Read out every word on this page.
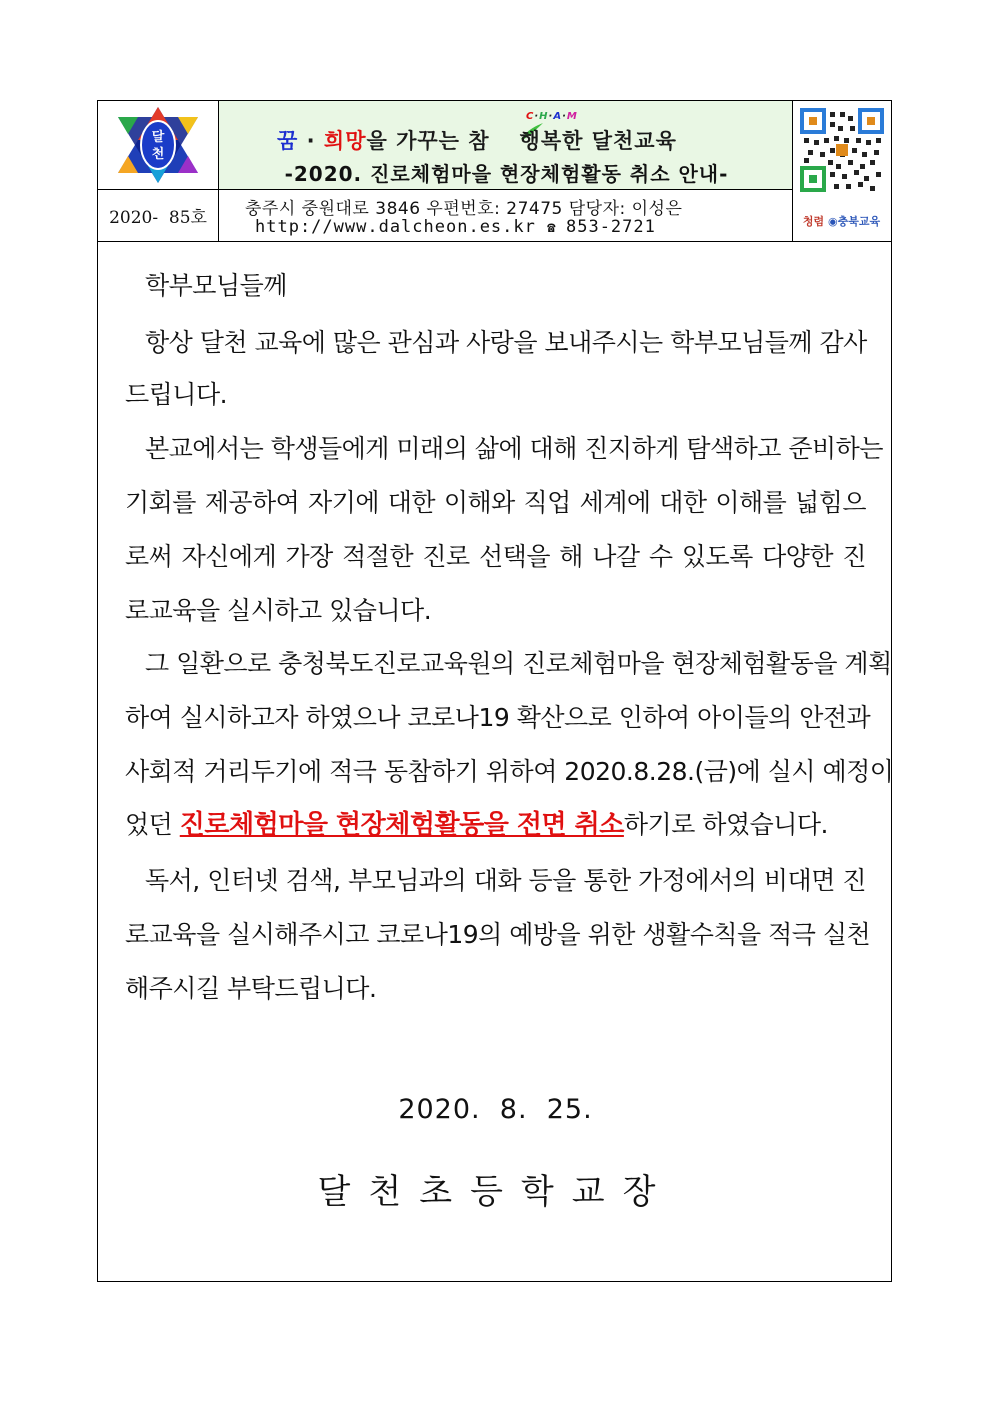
달
천
2020-  85호
C·H·A·M
꿈 · 희망을 가꾸는 참 행복한 달천교육
-2020. 진로체험마을 현장체험활동 취소 안내-
충주시 중원대로 3846 우편번호: 27475 담당자: 이성은
http://www.dalcheon.es.kr ☎ 853-2721	청렴 ◉충북교육
학부모님들께
항상 달천 교육에 많은 관심과 사랑을 보내주시는 학부모님들께 감사
드립니다.
본교에서는 학생들에게 미래의 삶에 대해 진지하게 탐색하고 준비하는
기회를 제공하여 자기에 대한 이해와 직업 세계에 대한 이해를 넓힘으
로써 자신에게 가장 적절한 진로 선택을 해 나갈 수 있도록 다양한 진
로교육을 실시하고 있습니다.
그 일환으로 충청북도진로교육원의 진로체험마을 현장체험활동을 계획
하여 실시하고자 하였으나 코로나19 확산으로 인하여 아이들의 안전과
사회적 거리두기에 적극 동참하기 위하여 2020.8.28.(금)에 실시 예정이
었던 진로체험마을 현장체험활동을 전면 취소하기로 하였습니다.
독서, 인터넷 검색, 부모님과의 대화 등을 통한 가정에서의 비대면 진
로교육을 실시해주시고 코로나19의 예방을 위한 생활수칙을 적극 실천
해주시길 부탁드립니다.
2020.  8.  25.
달천초등학교장
